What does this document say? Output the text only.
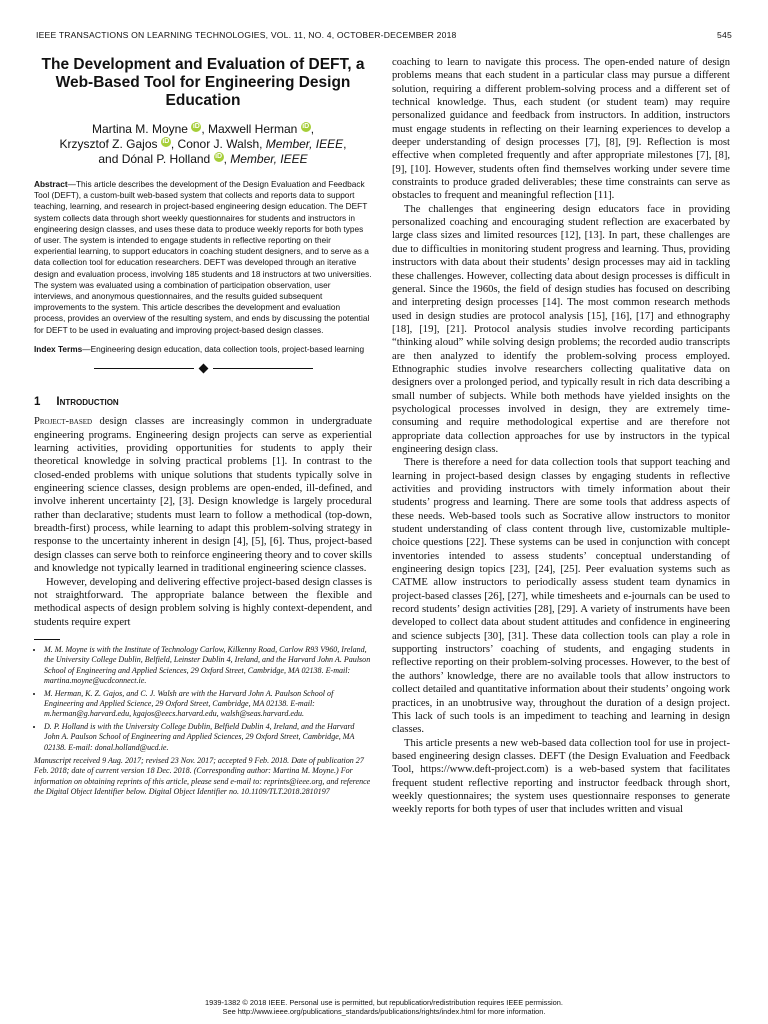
IEEE TRANSACTIONS ON LEARNING TECHNOLOGIES, VOL. 11, NO. 4, OCTOBER-DECEMBER 2018	545
The Development and Evaluation of DEFT, a Web-Based Tool for Engineering Design Education
Martina M. Moyne iD , Maxwell Herman iD ,
Krzysztof Z. Gajos iD , Conor J. Walsh, Member, IEEE,
and Dónal P. Holland iD , Member, IEEE

Abstract—This article describes the development of the Design Evaluation and Feedback Tool (DEFT), a custom-built web-based system that collects and reports data to support teaching, learning, and research in project-based engineering design education. The DEFT system collects data through short weekly questionnaires for students and instructors in engineering design classes, and uses these data to produce weekly reports for both types of user. The system is intended to engage students in reflective reporting on their experiential learning, to support educators in coaching student designers, and to serve as a data collection tool for education researchers. DEFT was developed through an iterative design and evaluation process, involving 185 students and 18 instructors at two universities. The system was evaluated using a combination of participation observation, user interviews, and anonymous questionnaires, and the results guided subsequent improvements to the system. This article describes the development and evaluation process, provides an overview of the resulting system, and ends by discussing the potential for DEFT to be used in evaluating and improving project-based design classes.

Index Terms—Engineering design education, data collection tools, project-based learning

1 Introduction

Project-based design classes are increasingly common in undergraduate engineering programs. Engineering design projects can serve as experiential learning activities, providing opportunities for students to apply their theoretical knowledge in solving practical problems [1]. In contrast to the closed-ended problems with unique solutions that students typically solve in engineering science classes, design problems are open-ended, ill-defined, and involve inherent uncertainty [2], [3]. Design knowledge is largely procedural rather than declarative; students must learn to follow a methodical (top-down, breadth-first) process, while learning to adapt this problem-solving strategy in response to the uncertainty inherent in design [4], [5], [6]. Thus, project-based design classes can serve both to reinforce engineering theory and to cover skills and knowledge not typically learned in traditional engineering science classes.

However, developing and delivering effective project-based design classes is not straightforward. The appropriate balance between the flexible and methodical aspects of design problem solving is highly context-dependent, and students require expert

• M. M. Moyne is with the Institute of Technology Carlow, Kilkenny Road, Carlow R93 V960, Ireland, the University College Dublin, Belfield, Leinster Dublin 4, Ireland, and the Harvard John A. Paulson School of Engineering and Applied Sciences, 29 Oxford Street, Cambridge, MA 02138. E-mail: martina.moyne@ucdconnect.ie.
• M. Herman, K. Z. Gajos, and C. J. Walsh are with the Harvard John A. Paulson School of Engineering and Applied Science, 29 Oxford Street, Cambridge, MA 02138. E-mail: m.herman@g.harvard.edu, kgajos@eecs.harvard.edu, walsh@seas.harvard.edu.
• D. P. Holland is with the University College Dublin, Belfield Dublin 4, Ireland, and the Harvard John A. Paulson School of Engineering and Applied Sciences, 29 Oxford Street, Cambridge, MA 02138. E-mail: donal.holland@ucd.ie.
Manuscript received 9 Aug. 2017; revised 23 Nov. 2017; accepted 9 Feb. 2018. Date of publication 27 Feb. 2018; date of current version 18 Dec. 2018. (Corresponding author: Martina M. Moyne.) For information on obtaining reprints of this article, please send e-mail to: reprints@ieee.org, and reference the Digital Object Identifier below. Digital Object Identifier no. 10.1109/TLT.2018.2810197

coaching to learn to navigate this process. The open-ended nature of design problems means that each student in a particular class may pursue a different solution, requiring a different problem-solving process and a different set of technical knowledge. Thus, each student (or student team) may require personalized guidance and feedback from instructors. In addition, instructors must engage students in reflecting on their learning experiences to develop a deeper understanding of design processes [7], [8], [9]. Reflection is most effective when completed frequently and after appropriate milestones [7], [8], [9], [10]. However, students often find themselves working under severe time constraints to produce graded deliverables; these time constraints can serve as obstacles to frequent and meaningful reflection [11].

The challenges that engineering design educators face in providing personalized coaching and encouraging student reflection are exacerbated by large class sizes and limited resources [12], [13]. In part, these challenges are due to difficulties in monitoring student progress and learning. Thus, providing instructors with data about their students’ design processes may aid in tackling these challenges. However, collecting data about design processes is difficult in general. Since the 1960s, the field of design studies has focused on describing and interpreting design processes [14]. The most common research methods used in design studies are protocol analysis [15], [16], [17] and ethnography [18], [19], [21]. Protocol analysis studies involve recording participants “thinking aloud” while solving design problems; the recorded audio transcripts are then analyzed to identify the problem-solving process employed. Ethnographic studies involve researchers collecting qualitative data on designers over a prolonged period, and typically result in rich data describing a small number of subjects. While both methods have yielded insights on the psychological processes involved in design, they are extremely time-consuming and require methodological expertise and are therefore not appropriate data collection approaches for use by instructors in the typical engineering design class.

There is therefore a need for data collection tools that support teaching and learning in project-based design classes by engaging students in reflective activities and providing instructors with timely information about their students’ progress and learning. There are some tools that address aspects of these needs. Web-based tools such as Socrative allow instructors to monitor student understanding of class content through live, customizable multiple-choice questions [22]. These systems can be used in conjunction with concept inventories intended to assess students’ conceptual understanding of engineering design topics [23], [24], [25]. Peer evaluation systems such as CATME allow instructors to periodically assess student team dynamics in project-based classes [26], [27], while timesheets and e-journals can be used to record students’ design activities [28], [29]. A variety of instruments have been developed to collect data about student attitudes and confidence in engineering and science subjects [30], [31]. These data collection tools can play a role in supporting instructors’ coaching of students, and engaging students in reflective reporting on their problem-solving processes. However, to the best of the authors’ knowledge, there are no available tools that allow instructors to collect detailed and quantitative information about their students’ ongoing work practices, in an unobtrusive way, throughout the duration of a design project. This lack of such tools is an impediment to teaching and learning in design classes.

This article presents a new web-based data collection tool for use in project-based engineering design classes. DEFT (the Design Evaluation and Feedback Tool, https://www.deft-project.com) is a web-based system that facilitates frequent student reflective reporting and instructor feedback through short, weekly questionnaires; the system uses questionnaire responses to generate weekly reports for both types of user that includes written and visual

1939-1382 © 2018 IEEE. Personal use is permitted, but republication/redistribution requires IEEE permission.
See http://www.ieee.org/publications_standards/publications/rights/index.html for more information.
